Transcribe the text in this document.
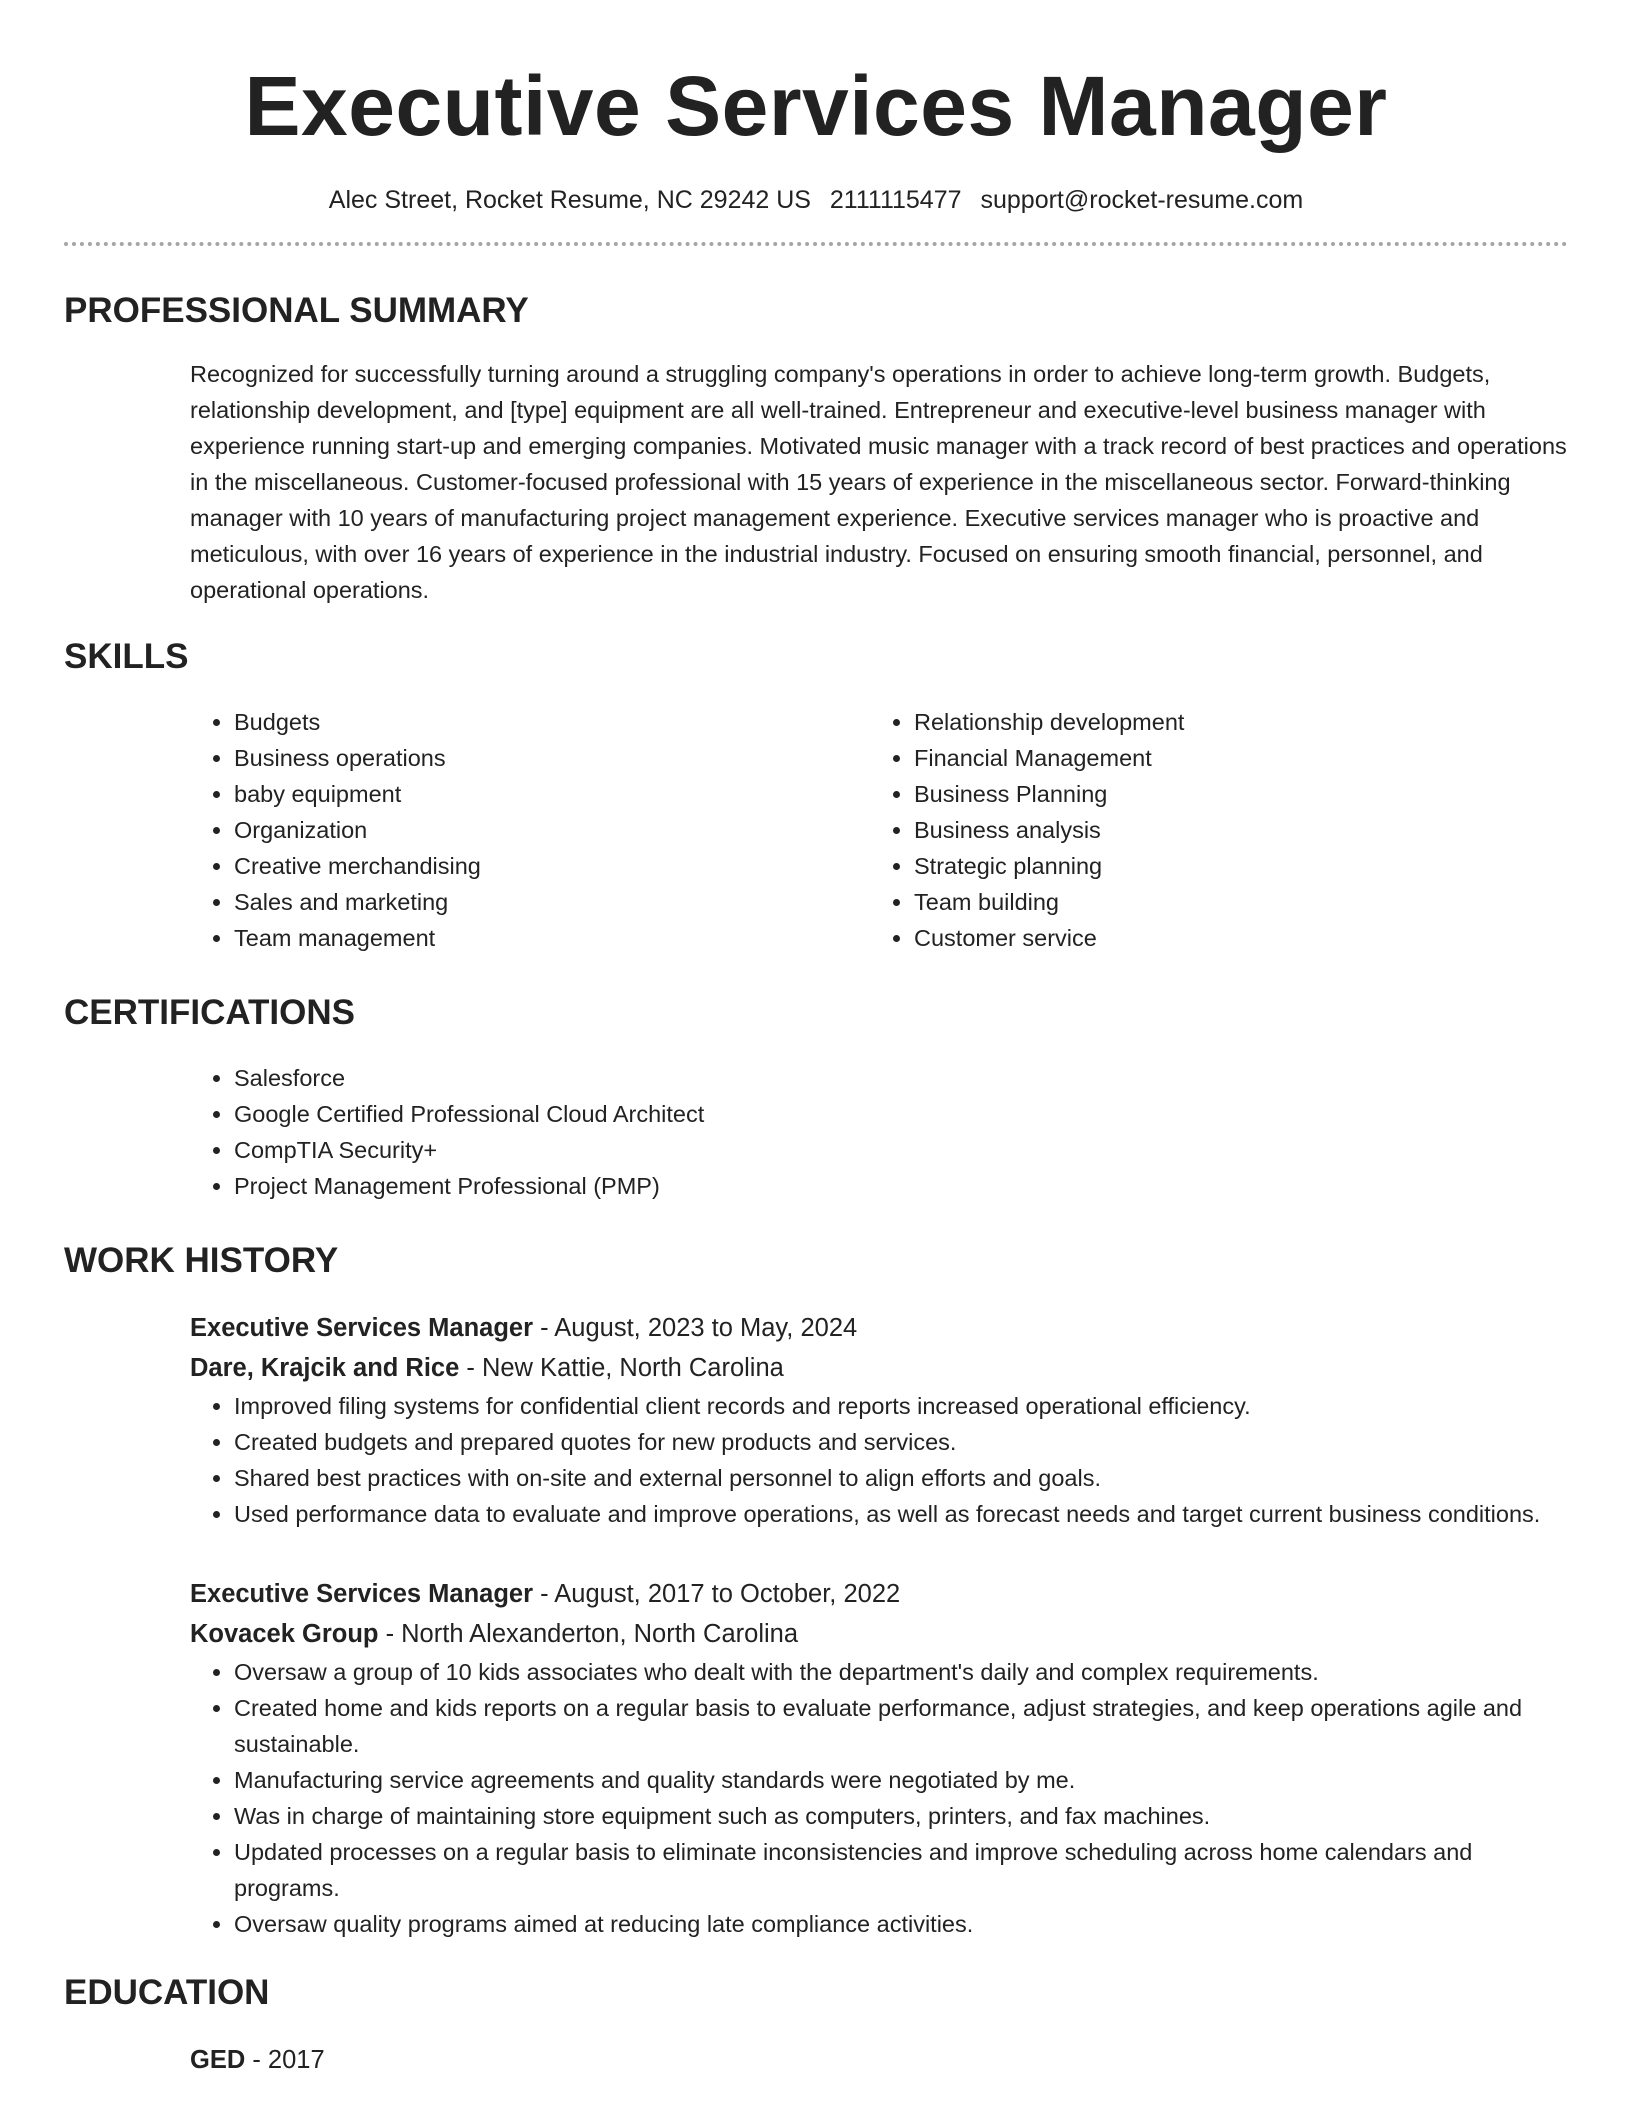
Executive Services Manager
Alec Street, Rocket Resume, NC 29242 US 2111115477 support@rocket-resume.com
PROFESSIONAL SUMMARY
Recognized for successfully turning around a struggling company's operations in order to achieve long-term growth. Budgets, relationship development, and [type] equipment are all well-trained. Entrepreneur and executive-level business manager with experience running start-up and emerging companies. Motivated music manager with a track record of best practices and operations in the miscellaneous. Customer-focused professional with 15 years of experience in the miscellaneous sector. Forward-thinking manager with 10 years of manufacturing project management experience. Executive services manager who is proactive and meticulous, with over 16 years of experience in the industrial industry. Focused on ensuring smooth financial, personnel, and operational operations.
SKILLS
• Budgets
• Business operations
• baby equipment
• Organization
• Creative merchandising
• Sales and marketing
• Team management
• Relationship development
• Financial Management
• Business Planning
• Business analysis
• Strategic planning
• Team building
• Customer service
CERTIFICATIONS
• Salesforce
• Google Certified Professional Cloud Architect
• CompTIA Security+
• Project Management Professional (PMP)
WORK HISTORY
Executive Services Manager - August, 2023 to May, 2024
Dare, Krajcik and Rice - New Kattie, North Carolina
• Improved filing systems for confidential client records and reports increased operational efficiency.
• Created budgets and prepared quotes for new products and services.
• Shared best practices with on-site and external personnel to align efforts and goals.
• Used performance data to evaluate and improve operations, as well as forecast needs and target current business conditions.
Executive Services Manager - August, 2017 to October, 2022
Kovacek Group - North Alexanderton, North Carolina
• Oversaw a group of 10 kids associates who dealt with the department's daily and complex requirements.
• Created home and kids reports on a regular basis to evaluate performance, adjust strategies, and keep operations agile and sustainable.
• Manufacturing service agreements and quality standards were negotiated by me.
• Was in charge of maintaining store equipment such as computers, printers, and fax machines.
• Updated processes on a regular basis to eliminate inconsistencies and improve scheduling across home calendars and programs.
• Oversaw quality programs aimed at reducing late compliance activities.
EDUCATION
GED - 2017
